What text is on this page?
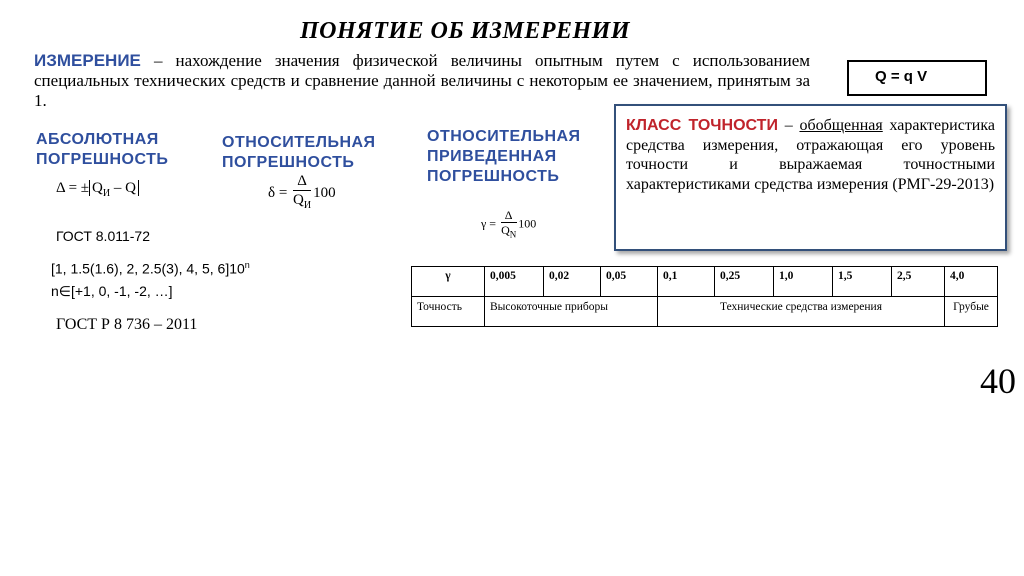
ПОНЯТИЕ ОБ ИЗМЕРЕНИИ
ИЗМЕРЕНИЕ – нахождение значения физической величины опытным путем с использованием специальных технических средств и сравнение данной величины с некоторым ее значением, принятым за 1.
Q = q V
АБСОЛЮТНАЯ
ПОГРЕШНОСТЬ
Δ = ± $Q_И$ – Q
ОТНОСИТЕЛЬНАЯ
ПОГРЕШНОСТЬ
$\delta = \frac{\Delta}{Q_И} 100$
ОТНОСИТЕЛЬНАЯ
ПРИВЕДЕННАЯ
ПОГРЕШНОСТЬ
$\gamma = \frac{\Delta}{Q_N} 100$
ГОСТ 8.011-72
[1, 1.5(1.6), 2, 2.5(3), 4, 5, 6]10$^n$
n∈[+1, 0, -1, -2, …]
ГОСТ Р 8 736 – 2011
КЛАСС ТОЧНОСТИ – обобщенная характеристика средства измерения, отражающая его уровень точности и выражаемая точностными характеристиками средства измерения (РМГ-29-2013)
γ	0,005	0,02	0,05	0,1	0,25	1,0	1,5	2,5	4,0
Точность	Высокоточные приборы			Технические средства измерения					Грубые
40
